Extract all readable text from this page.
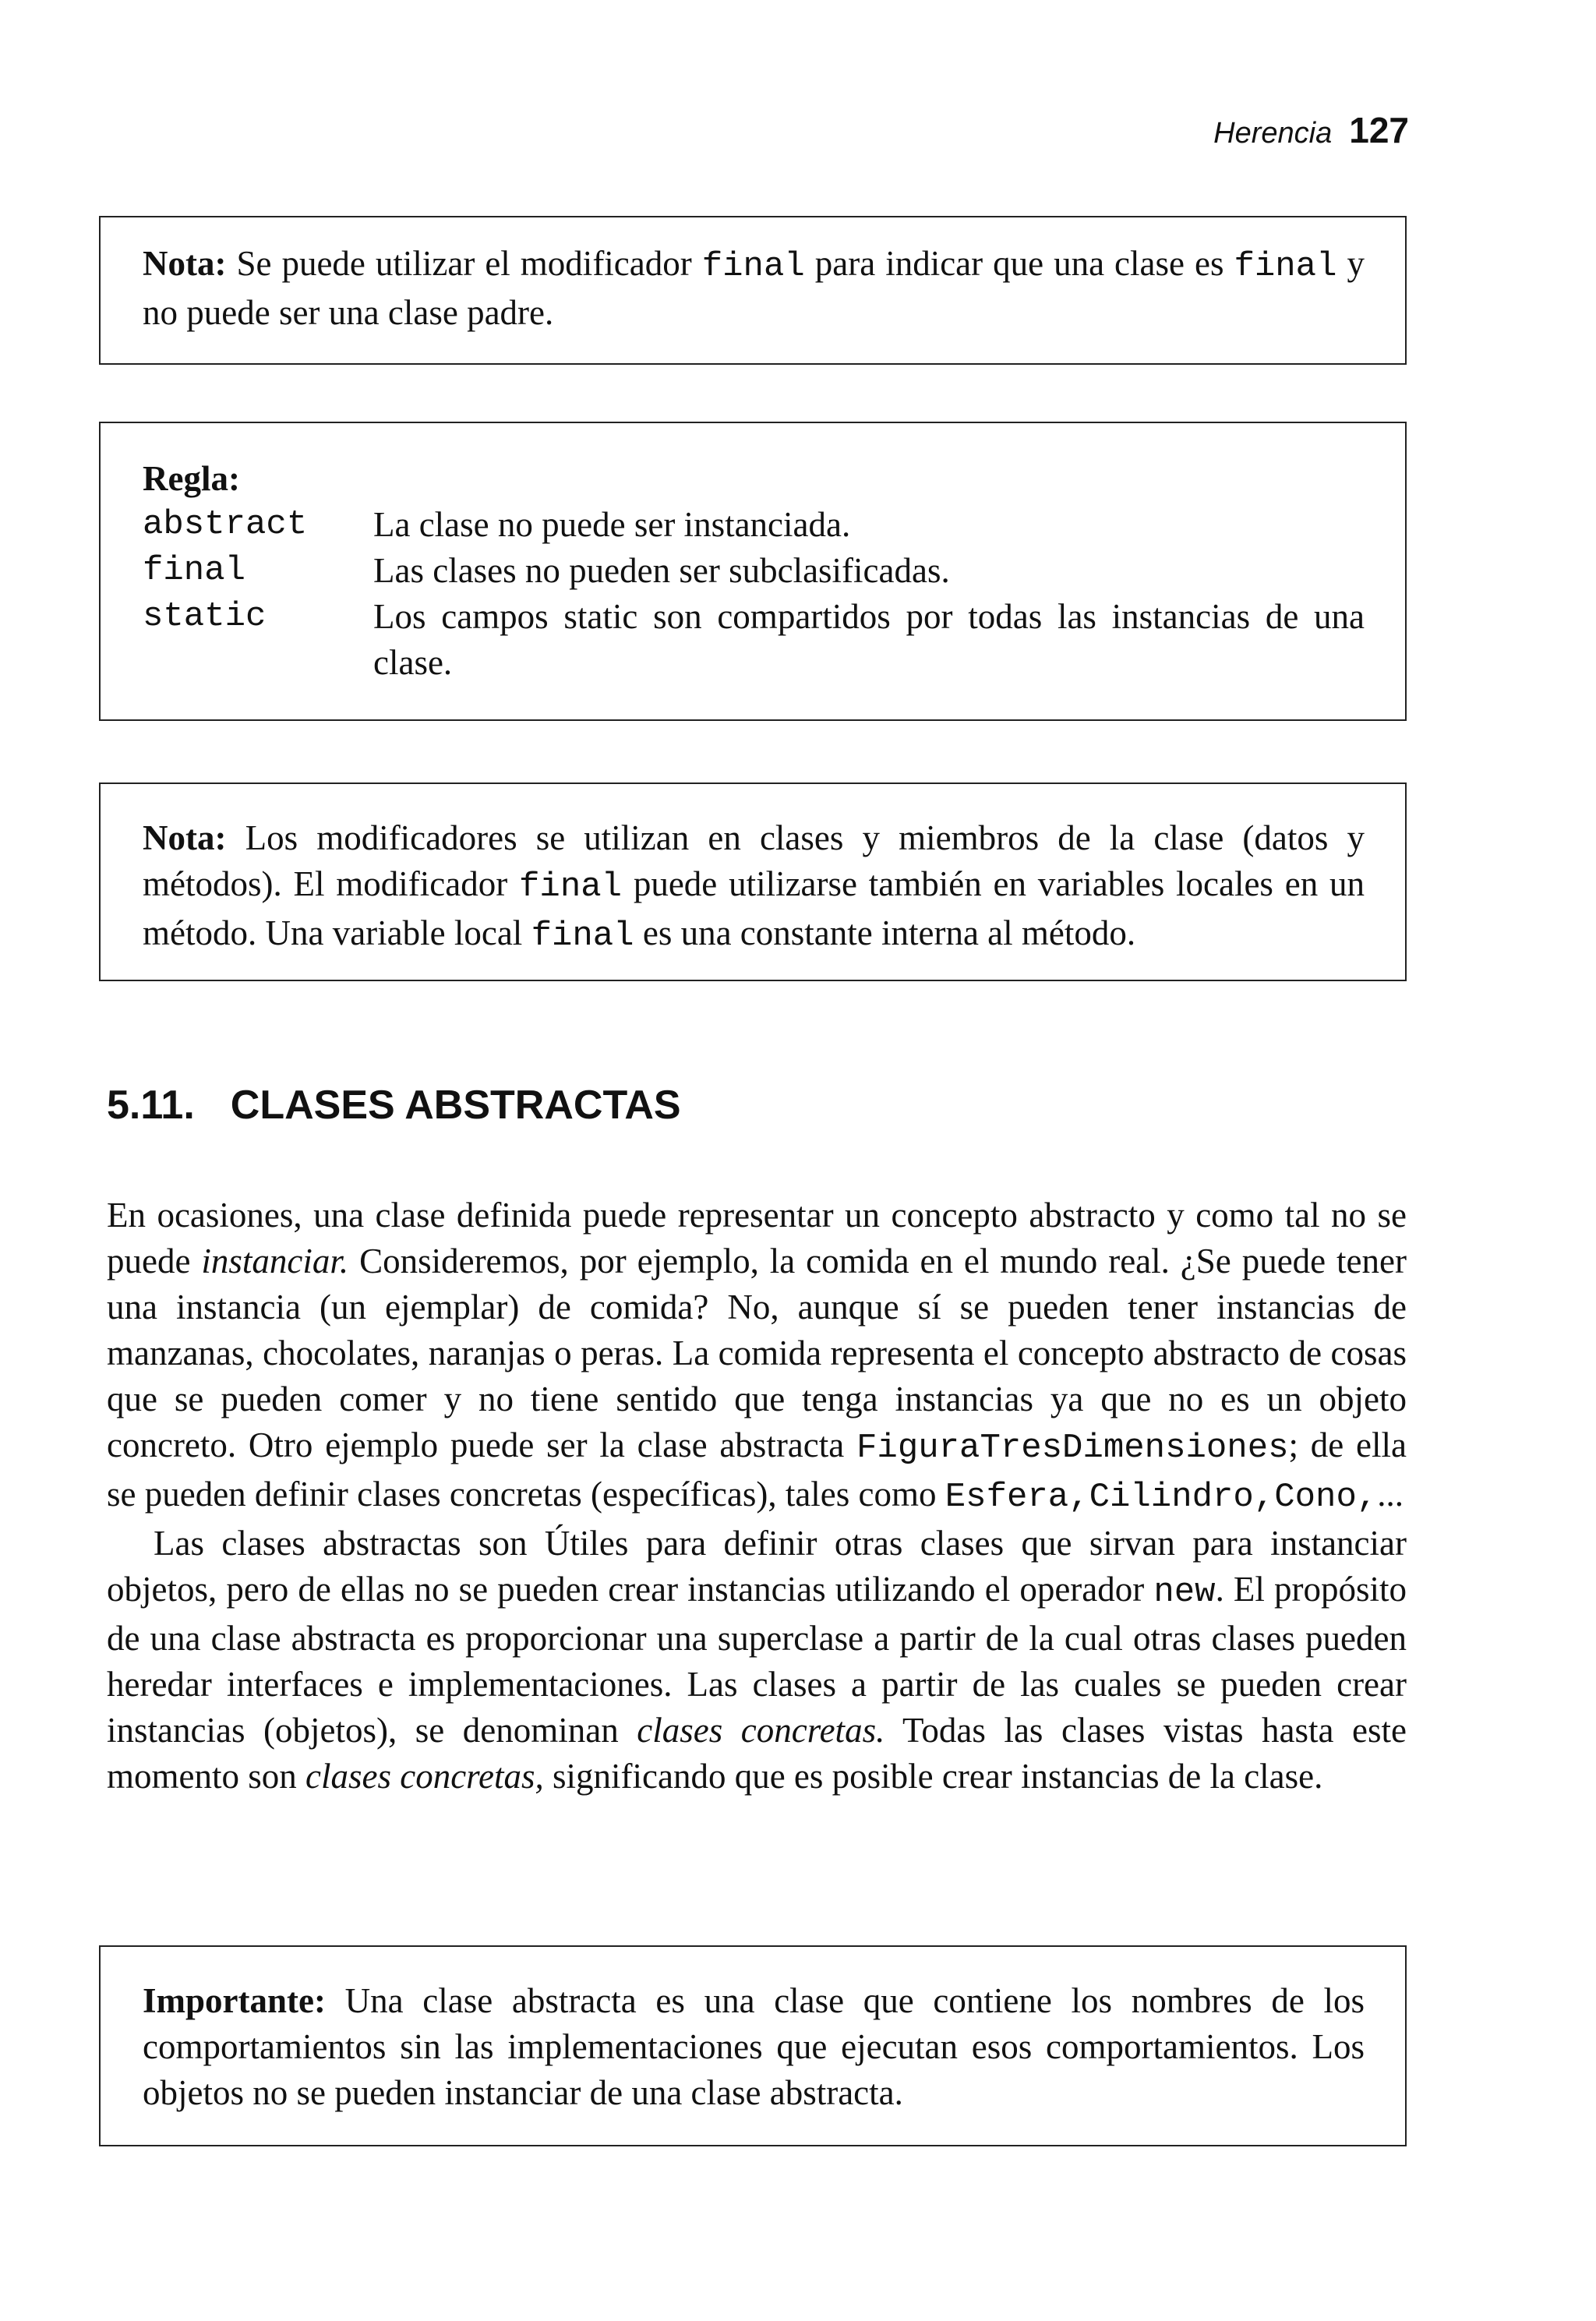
Herencia 127

Nota: Se puede utilizar el modificador final para indicar que una clase es final y no puede ser una clase padre.

Regla:
abstract	La clase no puede ser instanciada.
final	Las clases no pueden ser subclasificadas.
static	Los campos static son compartidos por todas las instancias de una clase.

Nota: Los modificadores se utilizan en clases y miembros de la clase (datos y métodos). El modificador final puede utilizarse también en variables locales en un método. Una variable local final es una constante interna al método.

5.11. CLASES ABSTRACTAS

En ocasiones, una clase definida puede representar un concepto abstracto y como tal no se puede instanciar. Consideremos, por ejemplo, la comida en el mundo real. ¿Se puede tener una instancia (un ejemplar) de comida? No, aunque sí se pueden tener instancias de manzanas, chocolates, naranjas o peras. La comida representa el concepto abstracto de cosas que se pueden comer y no tiene sentido que tenga instancias ya que no es un objeto concreto. Otro ejemplo puede ser la clase abstracta FiguraTresDimensiones; de ella se pueden definir clases concretas (específicas), tales como Esfera,Cilindro,Cono,...

Las clases abstractas son Útiles para definir otras clases que sirvan para instanciar objetos, pero de ellas no se pueden crear instancias utilizando el operador new. El propósito de una clase abstracta es proporcionar una superclase a partir de la cual otras clases pueden heredar interfaces e implementaciones. Las clases a partir de las cuales se pueden crear instancias (objetos), se denominan clases concretas. Todas las clases vistas hasta este momento son clases concretas, significando que es posible crear instancias de la clase.

Importante: Una clase abstracta es una clase que contiene los nombres de los comportamientos sin las implementaciones que ejecutan esos comportamientos. Los objetos no se pueden instanciar de una clase abstracta.
